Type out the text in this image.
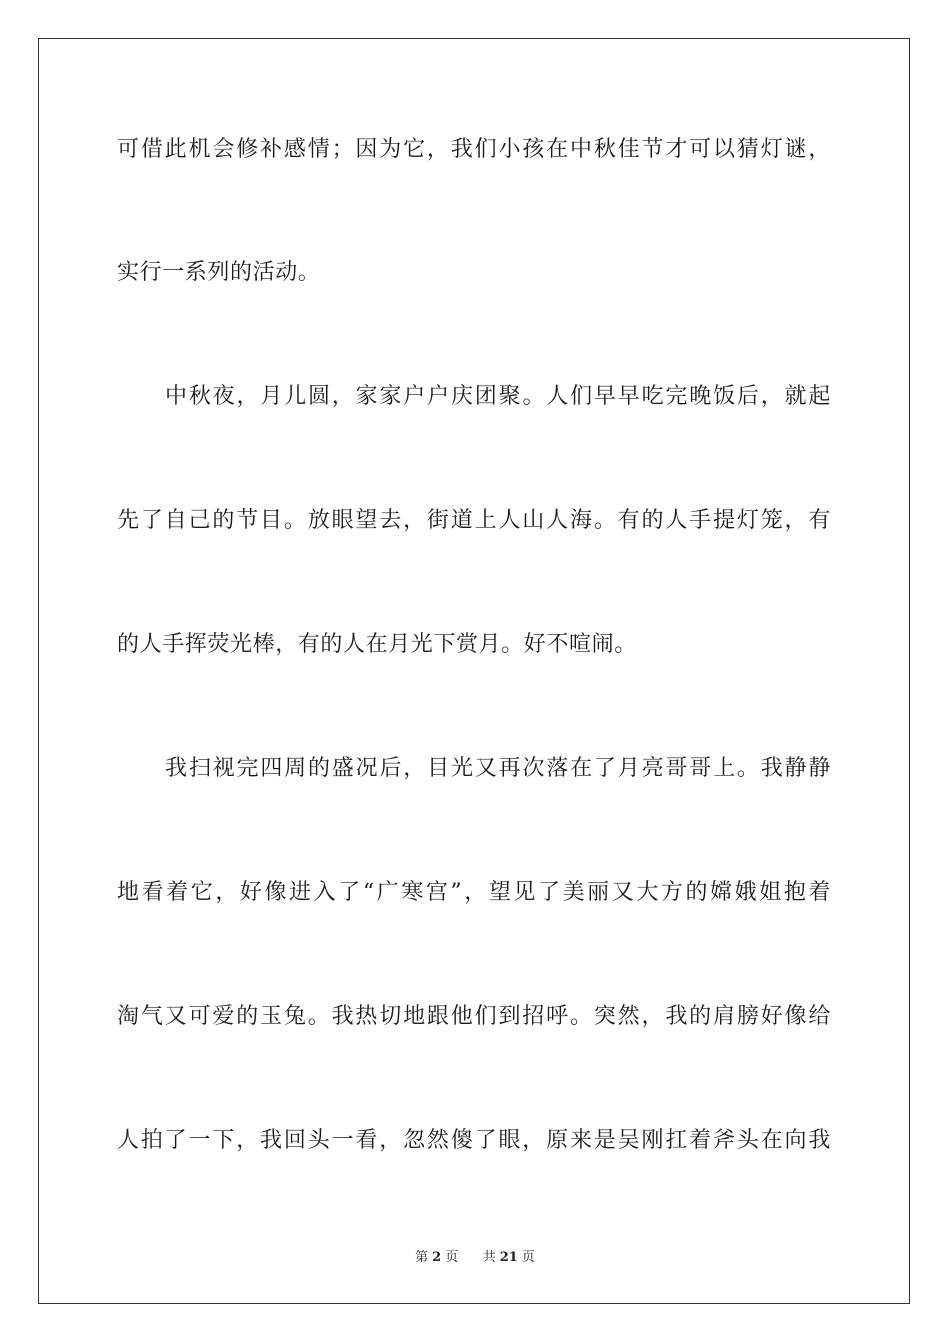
可借此机会修补感情；因为它，我们小孩在中秋佳节才可以猜灯谜，
实行一系列的活动。
中秋夜，月儿圆，家家户户庆团聚。人们早早吃完晚饭后，就起
先了自己的节目。放眼望去，街道上人山人海。有的人手提灯笼，有
的人手挥荧光棒，有的人在月光下赏月。好不喧闹。
我扫视完四周的盛况后，目光又再次落在了月亮哥哥上。我静静
地看着它，好像进入了“广寒宫”，望见了美丽又大方的嫦娥姐抱着
淘气又可爱的玉兔。我热切地跟他们到招呼。突然，我的肩膀好像给
人拍了一下，我回头一看，忽然傻了眼，原来是吴刚扛着斧头在向我
第 2 页 共 21 页
